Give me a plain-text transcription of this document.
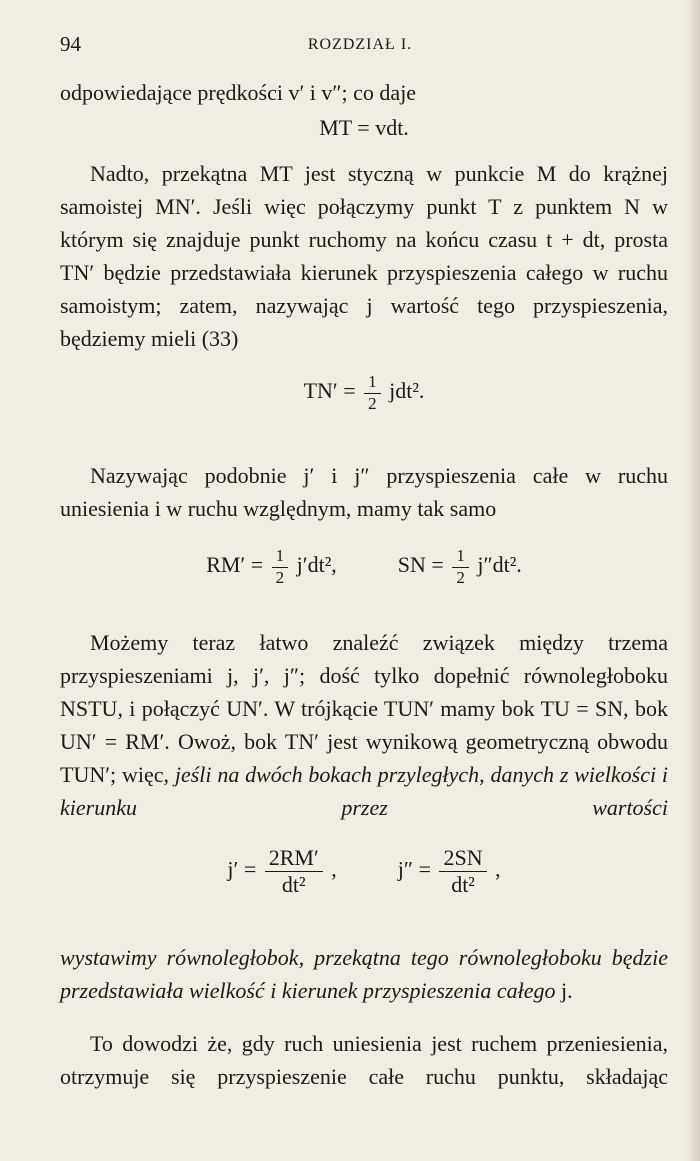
94	ROZDZIAŁ I.

odpowiedające prędkości v′ i v″; co daje

MT = vdt.

Nadto, przekątna MT jest styczną w punkcie M do krążnej samoistej MN′. Jeśli więc połączymy punkt T z punktem N w którym się znajduje punkt ruchomy na końcu czasu t + dt, prosta TN′ będzie przedstawiała kierunek przyspieszenia całego w ruchu samoistym; zatem, nazywając j wartość tego przyspieszenia, będziemy mieli (33)

$TN' = \frac{1}{2} jdt^2$.

Nazywając podobnie j′ i j″ przyspieszenia całe w ruchu uniesienia i w ruchu względnym, mamy tak samo

$RM' = \frac{1}{2} j'dt^2$,	SN = $\frac{1}{2} j''dt^2$.

Możemy teraz łatwo znaleźć związek między trzema przyspieszeniami j, j′, j″; dość tylko dopełnić równoległoboku NSTU, i połączyć UN′. W trójkącie TUN′ mamy bok TU = SN, bok UN′ = RM′. Owoż, bok TN′ jest wynikową geometryczną obwodu TUN′; więc, jeśli na dwóch bokach przyległych, danych z wielkości i kierunku przez wartości

$j' = \frac{2RM'}{\text{dt²}}$ ,	$j'' = \frac{2SN}{\text{dt²}}$ ,

wystawimy równoległobok, przekątna tego równoległoboku będzie przedstawiała wielkość i kierunek przyspieszenia całego j.

To dowodzi że, gdy ruch uniesienia jest ruchem przeniesienia, otrzymuje się przyspieszenie całe ruchu punktu, składając
